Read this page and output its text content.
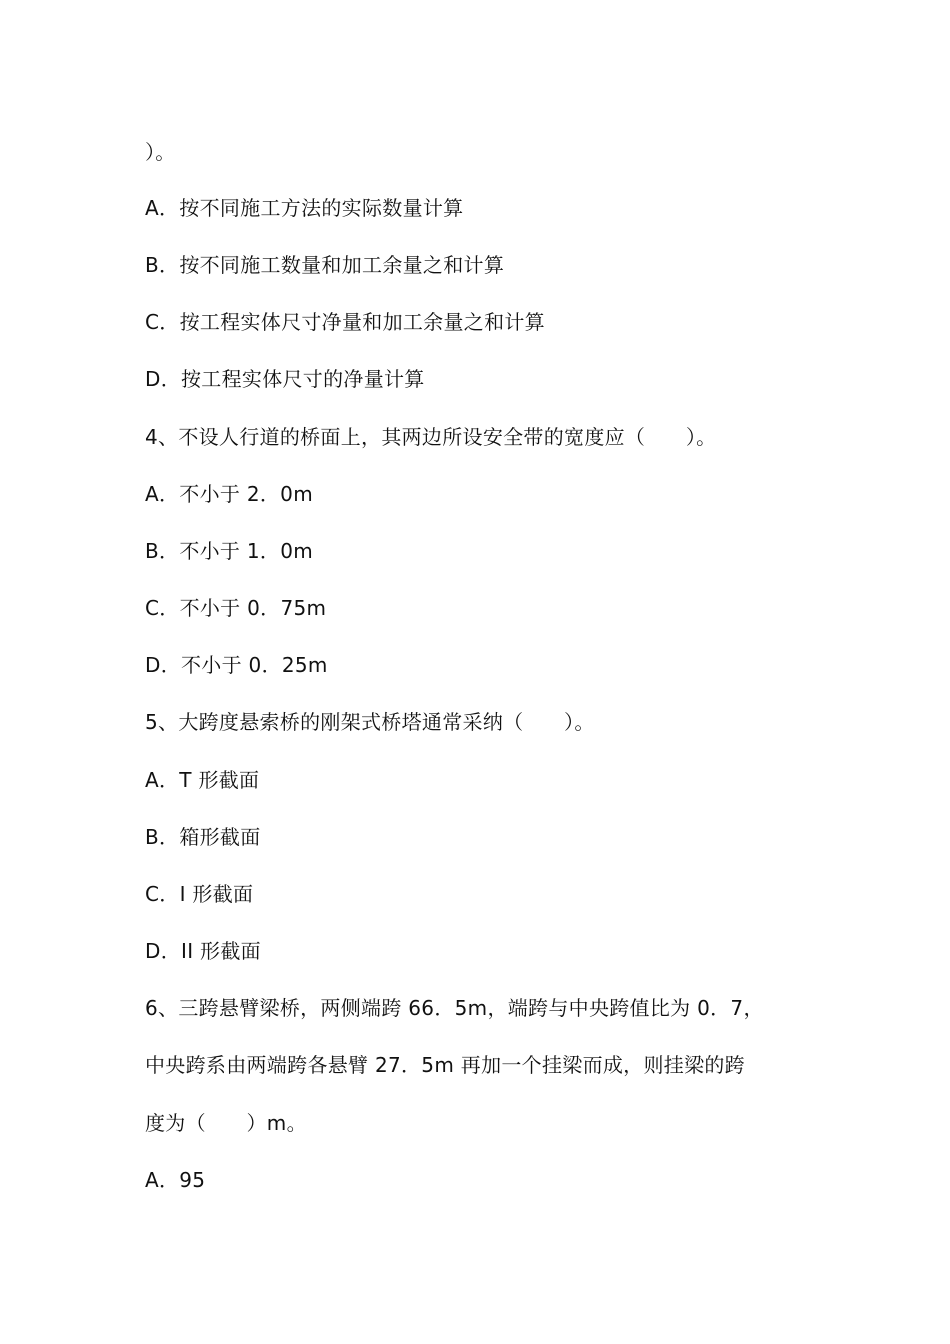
）。
A．按不同施工方法的实际数量计算
B．按不同施工数量和加工余量之和计算
C．按工程实体尺寸净量和加工余量之和计算
D．按工程实体尺寸的净量计算
4、不设人行道的桥面上，其两边所设安全带的宽度应（　　）。
A．不小于 2．0m
B．不小于 1．0m
C．不小于 0．75m
D．不小于 0．25m
5、大跨度悬索桥的刚架式桥塔通常采纳（　　）。
A．T 形截面
B．箱形截面
C．I 形截面
D．II 形截面
6、三跨悬臂梁桥，两侧端跨 66．5m，端跨与中央跨值比为 0．7，
中央跨系由两端跨各悬臂 27．5m 再加一个挂梁而成，则挂梁的跨
度为（　　）m。
A．95
